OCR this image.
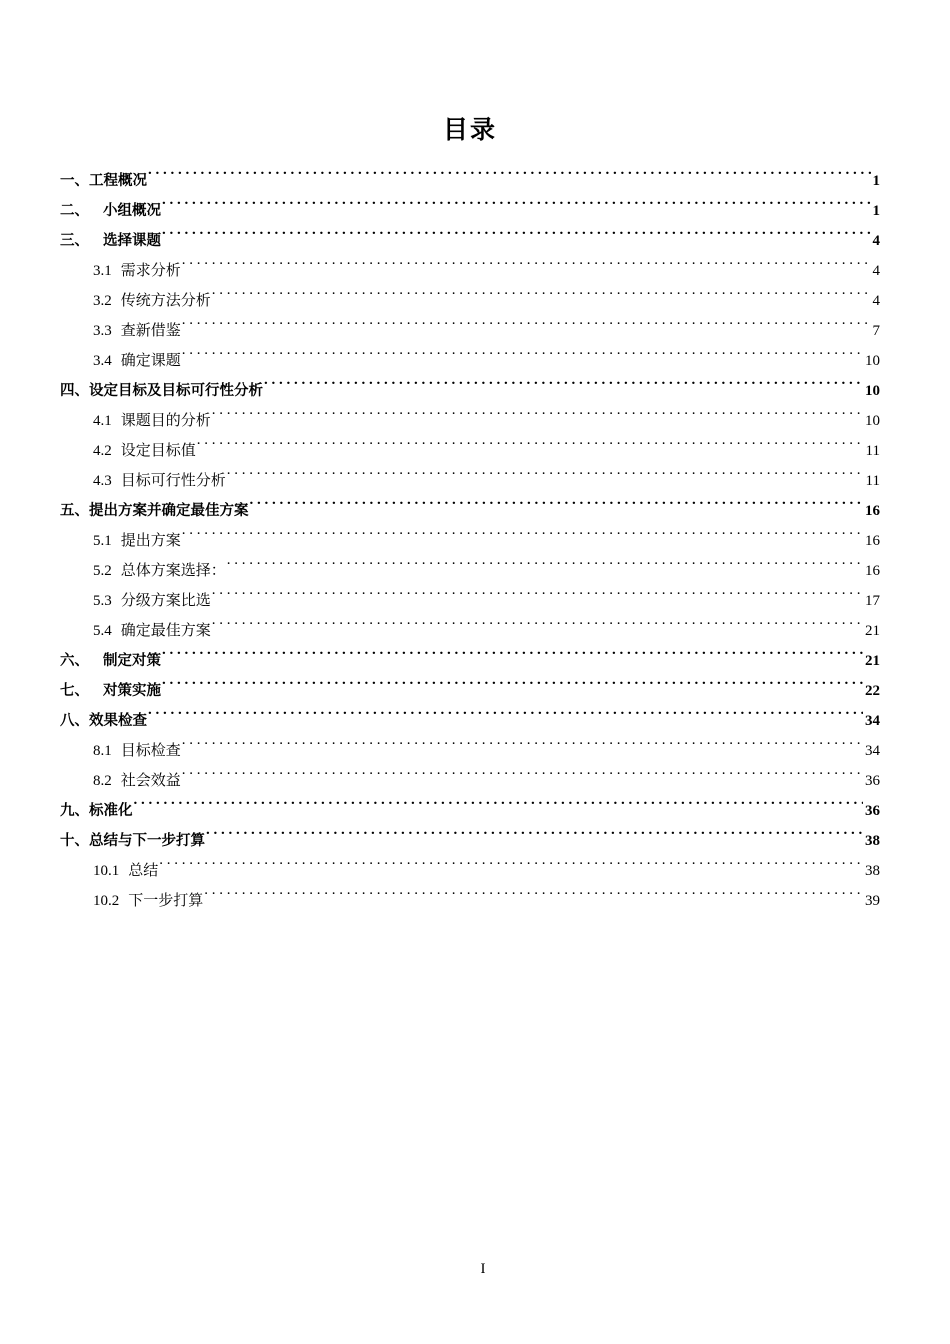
目录
一、 工程概况 . . .	1
二、 小组概况 . . .	1
三、 选择课题 . . .	4
3.1 需求分析 . . .	4
3.2 传统方法分析 . . .	4
3.3 查新借鉴 . . .	7
3.4 确定课题 . . .	10
四、 设定目标及目标可行性分析 . . .	10
4.1 课题目的分析 . . .	10
4.2 设定目标值 . . .	11
4.3 目标可行性分析 . . .	11
五、 提出方案并确定最佳方案 . . .	16
5.1 提出方案 . . .	16
5.2 总体方案选择： . . .	16
5.3 分级方案比选 . . .	17
5.4 确定最佳方案 . . .	21
六、 制定对策 . . .	21
七、 对策实施 . . .	22
八、 效果检查 . . .	34
8.1 目标检查 . . .	34
8.2 社会效益 . . .	36
九、 标准化 . . .	36
十、 总结与下一步打算 . . .	38
10.1 总结 . . .	38
10.2 下一步打算 . . .	39
I
